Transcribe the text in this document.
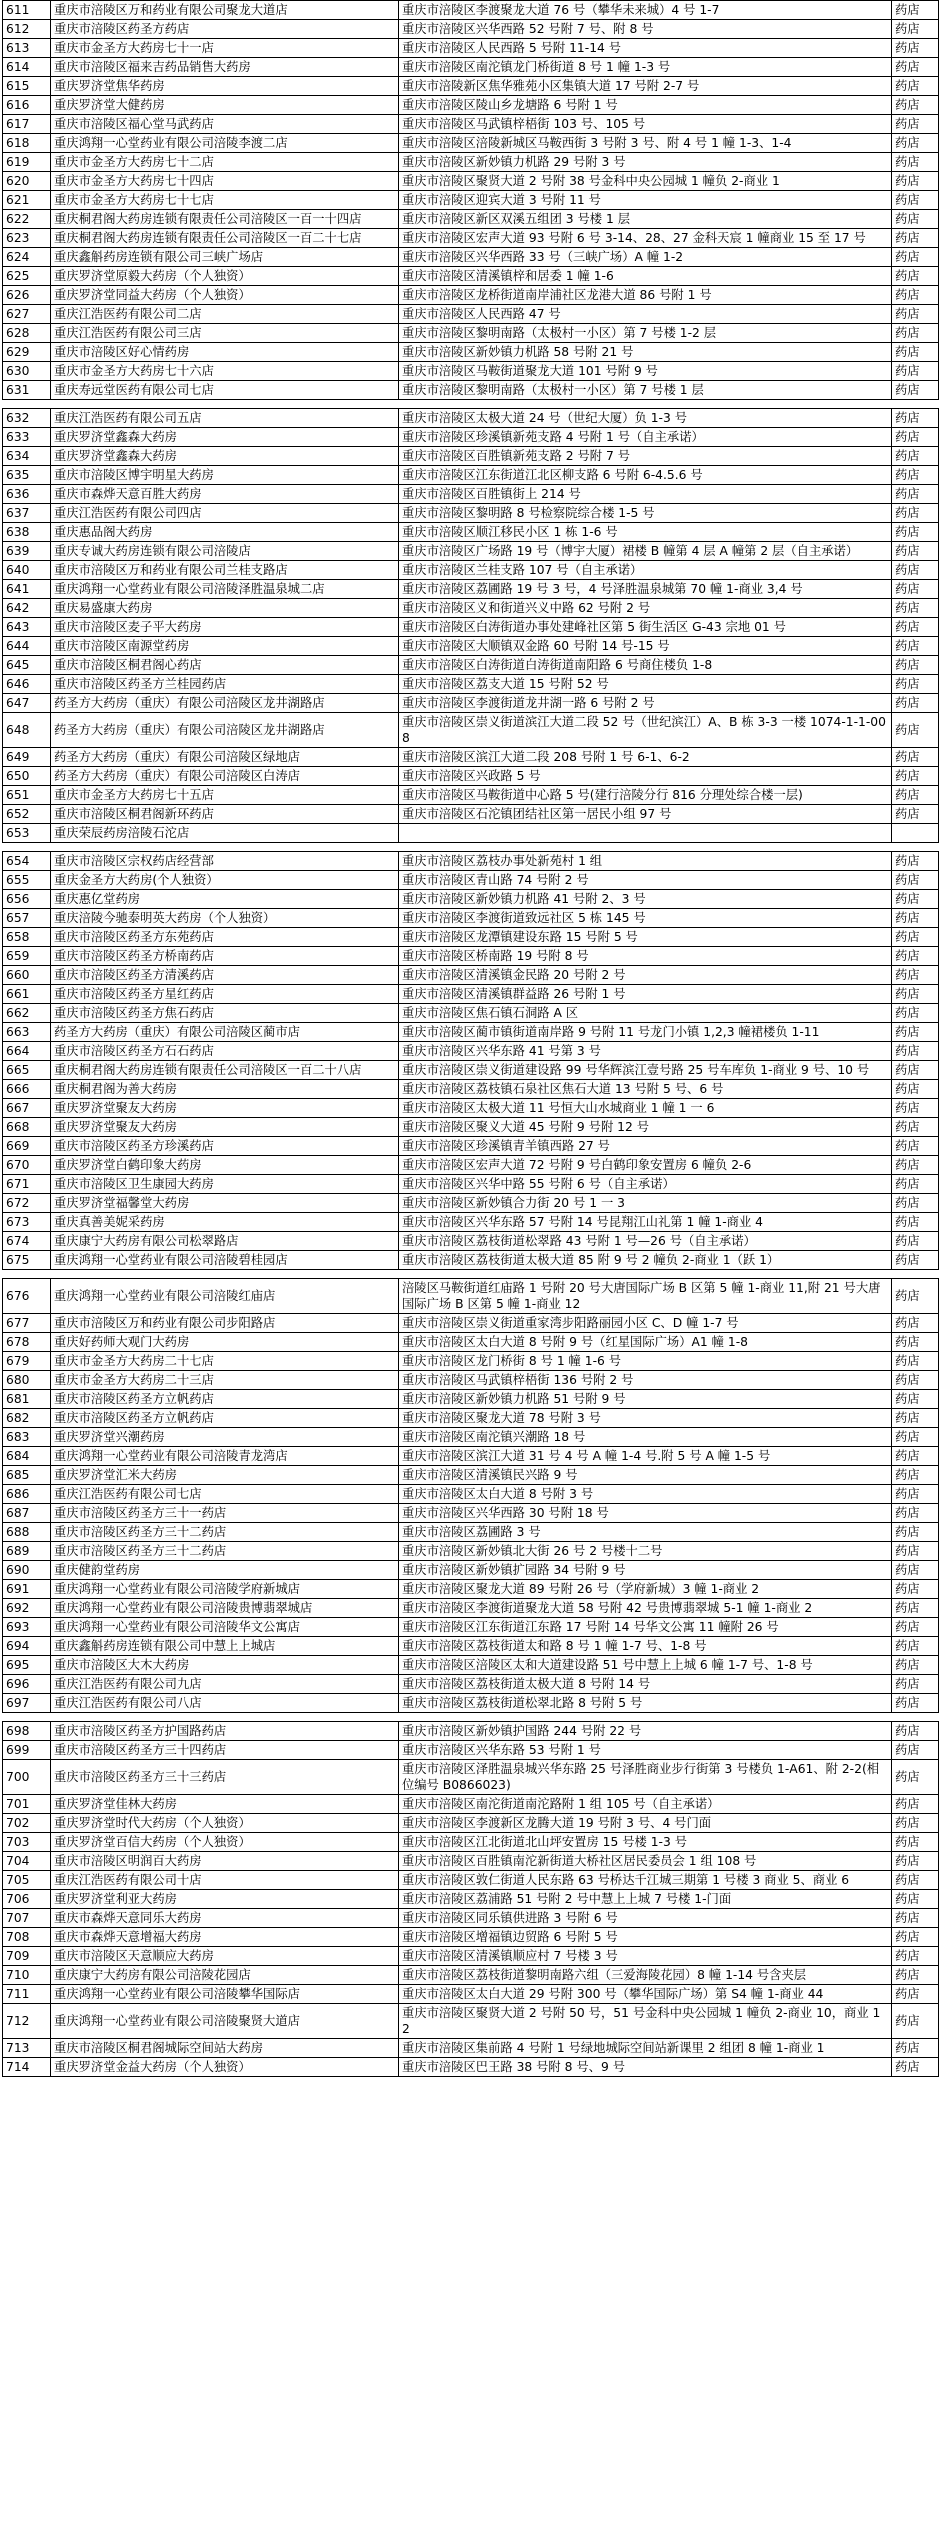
611	重庆市涪陵区万和药业有限公司聚龙大道店	重庆市涪陵区李渡聚龙大道 76 号（攀华未来城）4 号 1-7	药店
612	重庆市涪陵区药圣方药店	重庆市涪陵区兴华西路 52 号附 7 号、附 8 号	药店
613	重庆市金圣方大药房七十一店	重庆市涪陵区人民西路 5 号附 11-14 号	药店
614	重庆市涪陵区福来吉药品销售大药房	重庆市涪陵区南沱镇龙门桥街道 8 号 1 幢 1-3 号	药店
615	重庆罗济堂焦华药房	重庆市涪陵新区焦华雅苑小区集镇大道 17 号附 2-7 号	药店
616	重庆罗济堂大健药房	重庆市涪陵区陵山乡龙塘路 6 号附 1 号	药店
617	重庆市涪陵区福心堂马武药店	重庆市涪陵区马武镇梓梧街 103 号、105 号	药店
618	重庆鸿翔一心堂药业有限公司涪陵李渡二店	重庆市涪陵区涪陵新城区马鞍西街 3 号附 3 号、附 4 号 1 幢 1-3、1-4	药店
619	重庆市金圣方大药房七十二店	重庆市涪陵区新妙镇力机路 29 号附 3 号	药店
620	重庆市金圣方大药房七十四店	重庆市涪陵区聚贤大道 2 号附 38 号金科中央公园城 1 幢负 2-商业 1	药店
621	重庆市金圣方大药房七十七店	重庆市涪陵区迎宾大道 3 号附 11 号	药店
622	重庆桐君阁大药房连锁有限责任公司涪陵区一百一十四店	重庆市涪陵区新区双溪五组团 3 号楼 1 层	药店
623	重庆桐君阁大药房连锁有限责任公司涪陵区一百二十七店	重庆市涪陵区宏声大道 93 号附 6 号 3-14、28、27 金科天宸 1 幢商业 15 至 17 号	药店
624	重庆鑫斛药房连锁有限公司三峡广场店	重庆市涪陵区兴华西路 33 号（三峡广场）A 幢 1-2	药店
625	重庆罗济堂原毅大药房（个人独资）	重庆市涪陵区清溪镇梓和居委 1 幢 1-6	药店
626	重庆罗济堂同益大药房（个人独资）	重庆市涪陵区龙桥街道南岸浦社区龙港大道 86 号附 1 号	药店
627	重庆江浩医药有限公司二店	重庆市涪陵区人民西路 47 号	药店
628	重庆江浩医药有限公司三店	重庆市涪陵区黎明南路（太极村一小区）第 7 号楼 1-2 层	药店
629	重庆市涪陵区好心情药房	重庆市涪陵区新妙镇力机路 58 号附 21 号	药店
630	重庆市金圣方大药房七十六店	重庆市涪陵区马鞍街道聚龙大道 101 号附 9 号	药店
631	重庆寿远堂医药有限公司七店	重庆市涪陵区黎明南路（太极村一小区）第 7 号楼 1 层	药店
632	重庆江浩医药有限公司五店	重庆市涪陵区太极大道 24 号（世纪大厦）负 1-3 号	药店
633	重庆罗济堂鑫森大药房	重庆市涪陵区珍溪镇新苑支路 4 号附 1 号（自主承诺）	药店
634	重庆罗济堂鑫森大药房	重庆市涪陵区百胜镇新苑支路 2 号附 7 号	药店
635	重庆市涪陵区博宇明星大药房	重庆市涪陵区江东街道江北区柳支路 6 号附 6-4.5.6 号	药店
636	重庆市森烨天意百胜大药房	重庆市涪陵区百胜镇街上 214 号	药店
637	重庆江浩医药有限公司四店	重庆市涪陵区黎明路 8 号检察院综合楼 1-5 号	药店
638	重庆惠品阁大药房	重庆市涪陵区顺江移民小区 1 栋 1-6 号	药店
639	重庆专诚大药房连锁有限公司涪陵店	重庆市涪陵区广场路 19 号（博宇大厦）裙楼 B 幢第 4 层 A 幢第 2 层（自主承诺）	药店
640	重庆市涪陵区万和药业有限公司兰桂支路店	重庆市涪陵区兰桂支路 107 号（自主承诺）	药店
641	重庆鸿翔一心堂药业有限公司涪陵泽胜温泉城二店	重庆市涪陵区荔圃路 19 号 3 号，4 号泽胜温泉城第 70 幢 1-商业 3,4 号	药店
642	重庆易盛康大药房	重庆市涪陵区义和街道兴义中路 62 号附 2 号	药店
643	重庆市涪陵区麦子平大药房	重庆市涪陵区白涛街道办事处建峰社区第 5 街生活区 G-43 宗地 01 号	药店
644	重庆市涪陵区南源堂药房	重庆市涪陵区大顺镇双金路 60 号附 14 号-15 号	药店
645	重庆市涪陵区桐君阁心药店	重庆市涪陵区白涛街道白涛街道南阳路 6 号商住楼负 1-8	药店
646	重庆市涪陵区药圣方兰桂园药店	重庆市涪陵区荔支大道 15 号附 52 号	药店
647	药圣方大药房（重庆）有限公司涪陵区龙井湖路店	重庆市涪陵区李渡街道龙井湖一路 6 号附 2 号	药店
648	药圣方大药房（重庆）有限公司涪陵区龙井湖路店	重庆市涪陵区崇义街道滨江大道二段 52 号（世纪滨江）A、B 栋 3-3 一楼 1074-1-1-008	药店
649	药圣方大药房（重庆）有限公司涪陵区绿地店	重庆市涪陵区滨江大道二段 208 号附 1 号 6-1、6-2	药店
650	药圣方大药房（重庆）有限公司涪陵区白涛店	重庆市涪陵区兴政路 5 号	药店
651	重庆市金圣方大药房七十五店	重庆市涪陵区马鞍街道中心路 5 号(建行涪陵分行 816 分理处综合楼一层)	药店
652	重庆市涪陵区桐君阁新环药店	重庆市涪陵区石沱镇团结社区第一居民小组 97 号	药店
653	重庆荣辰药房涪陵石沱店		
654	重庆市涪陵区宗权药店经营部	重庆市涪陵区荔枝办事处新苑村 1 组	药店
655	重庆金圣方大药房(个人独资）	重庆市涪陵区青山路 74 号附 2 号	药店
656	重庆惠亿堂药房	重庆市涪陵区新妙镇力机路 41 号附 2、3 号	药店
657	重庆涪陵今驰泰明英大药房（个人独资）	重庆市涪陵区李渡街道致远社区 5 栋 145 号	药店
658	重庆市涪陵区药圣方东苑药店	重庆市涪陵区龙潭镇建设东路 15 号附 5 号	药店
659	重庆市涪陵区药圣方桥南药店	重庆市涪陵区桥南路 19 号附 8 号	药店
660	重庆市涪陵区药圣方清溪药店	重庆市涪陵区清溪镇金民路 20 号附 2 号	药店
661	重庆市涪陵区药圣方星红药店	重庆市涪陵区清溪镇群益路 26 号附 1 号	药店
662	重庆市涪陵区药圣方焦石药店	重庆市涪陵区焦石镇石洞路 A 区	药店
663	药圣方大药房（重庆）有限公司涪陵区蔺市店	重庆市涪陵区蔺市镇街道南岸路 9 号附 11 号龙门小镇 1,2,3 幢裙楼负 1-11	药店
664	重庆市涪陵区药圣方石石药店	重庆市涪陵区兴华东路 41 号第 3 号	药店
665	重庆桐君阁大药房连锁有限责任公司涪陵区一百二十八店	重庆市涪陵区崇义街道建设路 99 号华辉滨江壹号路 25 号车库负 1-商业 9 号、10 号	药店
666	重庆桐君阁为善大药房	重庆市涪陵区荔枝镇石泉社区焦石大道 13 号附 5 号、6 号	药店
667	重庆罗济堂聚友大药房	重庆市涪陵区太极大道 11 号恒大山水城商业 1 幢 1 一 6	药店
668	重庆罗济堂聚友大药房	重庆市涪陵区聚义大道 45 号附 9 号附 12 号	药店
669	重庆市涪陵区药圣方珍溪药店	重庆市涪陵区珍溪镇青羊镇西路 27 号	药店
670	重庆罗济堂白鹤印象大药房	重庆市涪陵区宏声大道 72 号附 9 号白鹤印象安置房 6 幢负 2-6	药店
671	重庆市涪陵区卫生康园大药房	重庆市涪陵区兴华中路 55 号附 6 号（自主承诺）	药店
672	重庆罗济堂福馨堂大药房	重庆市涪陵区新妙镇合力街 20 号 1 一 3	药店
673	重庆真善美妮采药房	重庆市涪陵区兴华东路 57 号附 14 号昆翔江山礼第 1 幢 1-商业 4	药店
674	重庆康宁大药房有限公司松翠路店	重庆市涪陵区荔枝街道松翠路 43 号附 1 号—26 号（自主承诺）	药店
675	重庆鸿翔一心堂药业有限公司涪陵碧桂园店	重庆市涪陵区荔枝街道太极大道 85 附 9 号 2 幢负 2-商业 1（跃 1）	药店
676	重庆鸿翔一心堂药业有限公司涪陵红庙店	涪陵区马鞍街道红庙路 1 号附 20 号大唐国际广场 B 区第 5 幢 1-商业 11,附 21 号大唐国际广场 B 区第 5 幢 1-商业 12	药店
677	重庆市涪陵区万和药业有限公司步阳路店	重庆市涪陵区崇义街道重家湾步阳路丽园小区 C、D 幢 1-7 号	药店
678	重庆好药师大观门大药房	重庆市涪陵区太白大道 8 号附 9 号（红星国际广场）A1 幢 1-8	药店
679	重庆市金圣方大药房二十七店	重庆市涪陵区龙门桥街 8 号 1 幢 1-6 号	药店
680	重庆市金圣方大药房二十三店	重庆市涪陵区马武镇梓梧街 136 号附 2 号	药店
681	重庆市涪陵区药圣方立帆药店	重庆市涪陵区新妙镇力机路 51 号附 9 号	药店
682	重庆市涪陵区药圣方立帆药店	重庆市涪陵区聚龙大道 78 号附 3 号	药店
683	重庆罗济堂兴潮药房	重庆市涪陵区南沱镇兴潮路 18 号	药店
684	重庆鸿翔一心堂药业有限公司涪陵青龙湾店	重庆市涪陵区滨江大道 31 号 4 号 A 幢 1-4 号.附 5 号 A 幢 1-5 号	药店
685	重庆罗济堂汇米大药房	重庆市涪陵区清溪镇民兴路 9 号	药店
686	重庆江浩医药有限公司七店	重庆市涪陵区太白大道 8 号附 3 号	药店
687	重庆市涪陵区药圣方三十一药店	重庆市涪陵区兴华西路 30 号附 18 号	药店
688	重庆市涪陵区药圣方三十二药店	重庆市涪陵区荔圃路 3 号	药店
689	重庆市涪陵区药圣方三十二药店	重庆市涪陵区新妙镇北大街 26 号 2 号楼十二号	药店
690	重庆健韵堂药房	重庆市涪陵区新妙镇扩园路 34 号附 9 号	药店
691	重庆鸿翔一心堂药业有限公司涪陵学府新城店	重庆市涪陵区聚龙大道 89 号附 26 号（学府新城）3 幢 1-商业 2	药店
692	重庆鸿翔一心堂药业有限公司涪陵贵博翡翠城店	重庆市涪陵区李渡街道聚龙大道 58 号附 42 号贵博翡翠城 5-1 幢 1-商业 2	药店
693	重庆鸿翔一心堂药业有限公司涪陵华文公寓店	重庆市涪陵区江东街道江东路 17 号附 14 号华文公寓 11 幢附 26 号	药店
694	重庆鑫斛药房连锁有限公司中慧上上城店	重庆市涪陵区荔枝街道太和路 8 号 1 幢 1-7 号、1-8 号	药店
695	重庆市涪陵区大木大药房	重庆市涪陵区涪陵区太和大道建设路 51 号中慧上上城 6 幢 1-7 号、1-8 号	药店
696	重庆江浩医药有限公司九店	重庆市涪陵区荔枝街道太极大道 8 号附 14 号	药店
697	重庆江浩医药有限公司八店	重庆市涪陵区荔枝街道松翠北路 8 号附 5 号	药店
698	重庆市涪陵区药圣方护国路药店	重庆市涪陵区新妙镇护国路 244 号附 22 号	药店
699	重庆市涪陵区药圣方三十四药店	重庆市涪陵区兴华东路 53 号附 1 号	药店
700	重庆市涪陵区药圣方三十三药店	重庆市涪陵区泽胜温泉城兴华东路 25 号泽胜商业步行街第 3 号楼负 1-A61、附 2-2(相位编号 B0866023)	药店
701	重庆罗济堂佳林大药房	重庆市涪陵区南沱街道南沱路附 1 组 105 号（自主承诺）	药店
702	重庆罗济堂时代大药房（个人独资）	重庆市涪陵区李渡新区龙腾大道 19 号附 3 号、4 号门面	药店
703	重庆罗济堂百信大药房（个人独资）	重庆市涪陵区江北街道北山坪安置房 15 号楼 1-3 号	药店
704	重庆市涪陵区明润百大药房	重庆市涪陵区百胜镇南沱新街道大桥社区居民委员会 1 组 108 号	药店
705	重庆江浩医药有限公司十店	重庆市涪陵区敦仁街道人民东路 63 号桥达千江城三期第 1 号楼 3 商业 5、商业 6	药店
706	重庆罗济堂利亚大药房	重庆市涪陵区荔浦路 51 号附 2 号中慧上上城 7 号楼 1-门面	药店
707	重庆市森烨天意同乐大药房	重庆市涪陵区同乐镇供进路 3 号附 6 号	药店
708	重庆市森烨天意增福大药房	重庆市涪陵区增福镇边贸路 6 号附 5 号	药店
709	重庆市涪陵区天意顺应大药房	重庆市涪陵区清溪镇顺应村 7 号楼 3 号	药店
710	重庆康宁大药房有限公司涪陵花园店	重庆市涪陵区荔枝街道黎明南路六组（三爱海陵花园）8 幢 1-14 号含夹层	药店
711	重庆鸿翔一心堂药业有限公司涪陵攀华国际店	重庆市涪陵区太白大道 29 号附 300 号（攀华国际广场）第 S4 幢 1-商业 44	药店
712	重庆鸿翔一心堂药业有限公司涪陵聚贤大道店	重庆市涪陵区聚贤大道 2 号附 50 号，51 号金科中央公园城 1 幢负 2-商业 10，商业 12	药店
713	重庆市涪陵区桐君阁城际空间站大药房	重庆市涪陵区集前路 4 号附 1 号绿地城际空间站新课里 2 组团 8 幢 1-商业 1	药店
714	重庆罗济堂金益大药房（个人独资）	重庆市涪陵区巴王路 38 号附 8 号、9 号	药店
